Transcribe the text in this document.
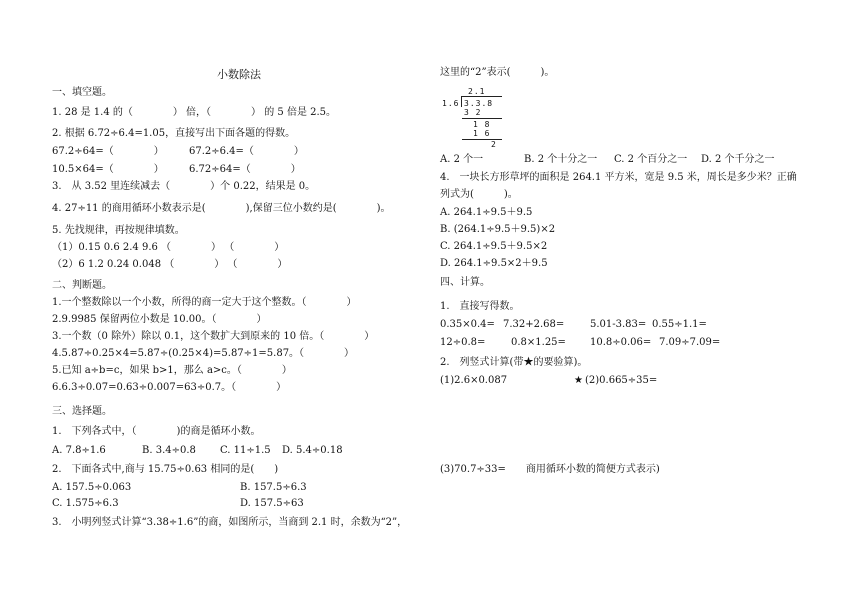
小数除法
一、填空题。
1. 28 是 1.4 的（　　　　） 倍，（　　　　） 的 5 倍是 2.5。
2. 根据 6.72÷6.4=1.05，直接写出下面各题的得数。
67.2÷64=（　　　　）	67.2÷6.4=（　　　　）
10.5×64=（　　　　）	6.72÷64=（　　　　）
3.　从 3.52 里连续减去（　　　　）个 0.22，结果是 0。
4. 27÷11 的商用循环小数表示是(　　　　),保留三位小数约是(　　　　)。
5. 先找规律，再按规律填数。
（1）0.15 0.6 2.4 9.6 （　　　　） （　　　　）
（2）6 1.2 0.24 0.048 （　　　　） （　　　　）
二、判断题。
1.一个整数除以一个小数，所得的商一定大于这个整数。（　　　　）
2.9.9985 保留两位小数是 10.00。（　　　　）
3.一个数（0 除外）除以 0.1，这个数扩大到原来的 10 倍。（　　　　）
4.5.87÷0.25×4=5.87÷(0.25×4)=5.87÷1=5.87。（　　　　）
5.已知 a÷b=c，如果 b>1，那么 a>c。（　　　　）
6.6.3÷0.07=0.63÷0.007=63÷0.7。（　　　　）
三、选择题。
1.　下列各式中，（　　　　)的商是循环小数。
A. 7.8÷1.6	B. 3.4÷0.8 C. 11÷1.5 D. 5.4÷0.18
2.　下面各式中,商与 15.75÷0.63 相同的是(　　)
A. 157.5÷0.063	B. 157.5÷6.3
C. 1.575÷6.3	D. 157.5÷63
3.　小明列竖式计算“3.38÷1.6”的商，如图所示，当商到 2.1 时，余数为“2”，
这里的“2”表示(　　　)。
2.1
1.6 3.3.8
3 2
1 8
1 6
2
A. 2 个一	B. 2 个十分之一 C. 2 个百分之一 D. 2 个千分之一
4.　一块长方形草坪的面积是 264.1 平方米，宽是 9.5 米，周长是多少米？正确
列式为(　　　)。
A. 264.1÷9.5＋9.5
B. (264.1÷9.5＋9.5)×2
C. 264.1÷9.5＋9.5×2
D. 264.1÷9.5×2＋9.5
四、计算。
1.　直接写得数。
0.35×0.4= 7.32+2.68=	5.01-3.83= 0.55÷1.1=
12÷0.8=	0.8×1.25= 10.8÷0.06= 7.09÷7.09=
2.　列竖式计算(带★的要验算)。
(1)2.6×0.087	★ (2)0.665÷35=
(3)70.7÷33=　　商用循环小数的简便方式表示)
